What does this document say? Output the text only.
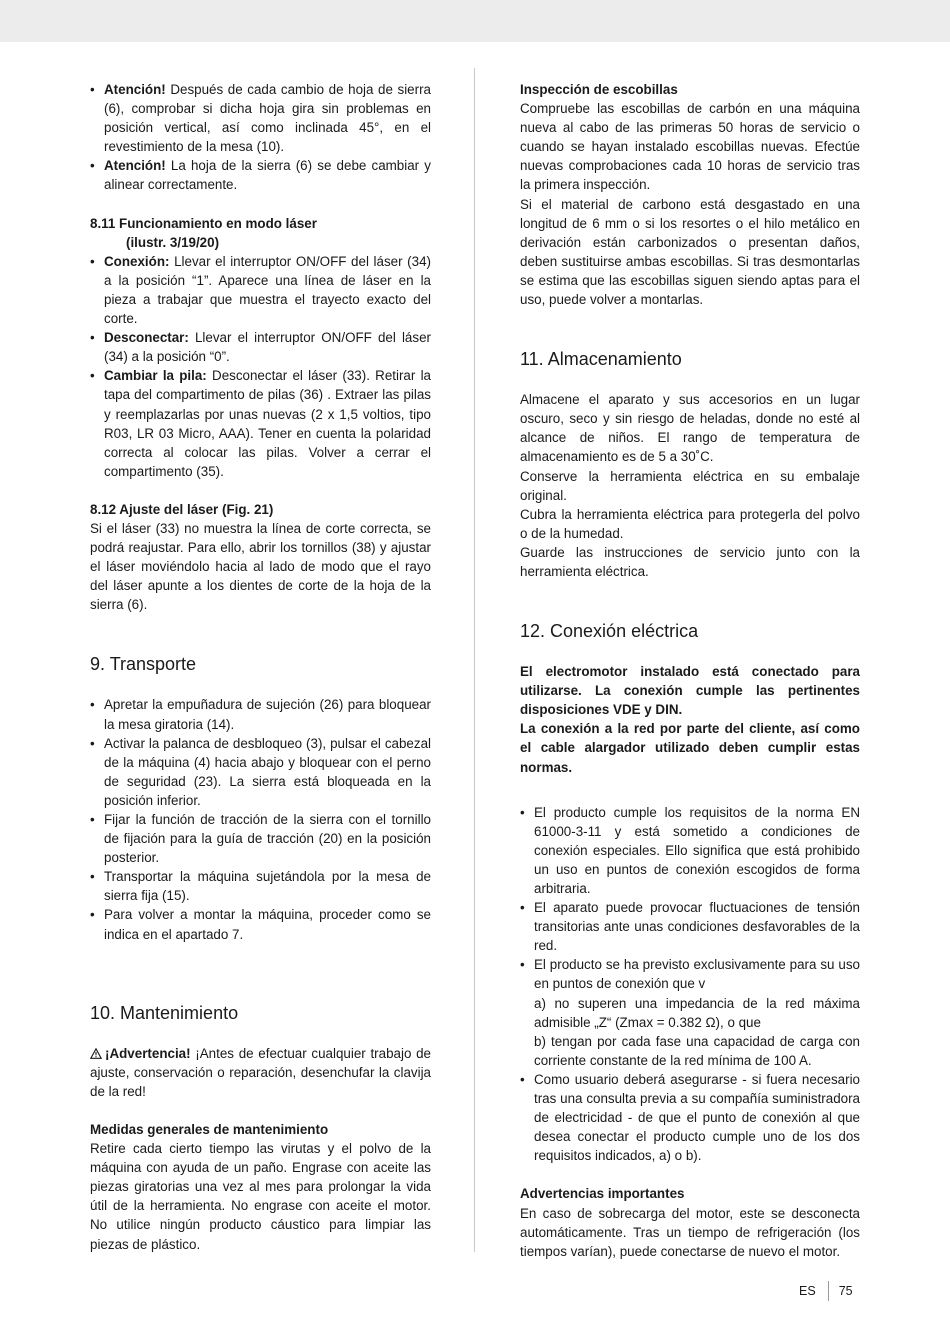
• Atención! Después de cada cambio de hoja de sierra (6), comprobar si dicha hoja gira sin problemas en posición vertical, así como inclinada 45°, en el revestimiento de la mesa (10).
• Atención! La hoja de la sierra (6) se debe cambiar y alinear correctamente.

8.11 Funcionamiento en modo láser

(ilustr. 3/19/20)

• Conexión: Llevar el interruptor ON/OFF del láser (34) a la posición “1”. Aparece una línea de láser en la pieza a trabajar que muestra el trayecto exacto del corte.
• Desconectar: Llevar el interruptor ON/OFF del láser (34) a la posición “0”.
• Cambiar la pila: Desconectar el láser (33). Retirar la tapa del compartimento de pilas (36) . Extraer las pilas y reemplazarlas por unas nuevas (2 x 1,5 voltios, tipo R03, LR 03 Micro, AAA). Tener en cuenta la polaridad correcta al colocar las pilas. Volver a cerrar el compartimento (35).

8.12 Ajuste del láser (Fig. 21)

Si el láser (33) no muestra la línea de corte correcta, se podrá reajustar. Para ello, abrir los tornillos (38) y ajustar el láser moviéndolo hacia al lado de modo que el rayo del láser apunte a los dientes de corte de la hoja de la sierra (6).

9. Transporte
• Apretar la empuñadura de sujeción (26) para bloquear la mesa giratoria (14).
• Activar la palanca de desbloqueo (3), pulsar el cabezal de la máquina (4) hacia abajo y bloquear con el perno de seguridad (23). La sierra está bloqueada en la posición inferior.
• Fijar la función de tracción de la sierra con el tornillo de fijación para la guía de tracción (20) en la posición posterior.
• Transportar la máquina sujetándola por la mesa de sierra fija (15).
• Para volver a montar la máquina, proceder como se indica en el apartado 7.
10. Mantenimiento

¡Advertencia! ¡Antes de efectuar cualquier trabajo de ajuste, conservación o reparación, desenchufar la clavija de la red!

Medidas generales de mantenimiento

Retire cada cierto tiempo las virutas y el polvo de la máquina con ayuda de un paño. Engrase con aceite las piezas giratorias una vez al mes para prolongar la vida útil de la herramienta. No engrase con aceite el motor. No utilice ningún producto cáustico para limpiar las piezas de plástico.

Inspección de escobillas

Compruebe las escobillas de carbón en una máquina nueva al cabo de las primeras 50 horas de servicio o cuando se hayan instalado escobillas nuevas. Efectúe nuevas comprobaciones cada 10 horas de servicio tras la primera inspección.

Si el material de carbono está desgastado en una longitud de 6 mm o si los resortes o el hilo metálico en derivación están carbonizados o presentan daños, deben sustituirse ambas escobillas. Si tras desmontarlas se estima que las escobillas siguen siendo aptas para el uso, puede volver a montarlas.

11. Almacenamiento

Almacene el aparato y sus accesorios en un lugar oscuro, seco y sin riesgo de heladas, donde no esté al alcance de niños. El rango de temperatura de almacenamiento es de 5 a 30˚C.

Conserve la herramienta eléctrica en su embalaje original.

Cubra la herramienta eléctrica para protegerla del polvo o de la humedad.

Guarde las instrucciones de servicio junto con la herramienta eléctrica.

12. Conexión eléctrica

El electromotor instalado está conectado para utilizarse. La conexión cumple las pertinentes disposiciones VDE y DIN.

La conexión a la red por parte del cliente, así como el cable alargador utilizado deben cumplir estas normas.

• El producto cumple los requisitos de la norma EN 61000-3-11 y está sometido a condiciones de conexión especiales. Ello significa que está prohibido un uso en puntos de conexión escogidos de forma arbitraria.
• El aparato puede provocar fluctuaciones de tensión transitorias ante unas condiciones desfavorables de la red.
• El producto se ha previsto exclusivamente para su uso en puntos de conexión que v
a) no superen una impedancia de la red máxima admisible „Z“ (Zmax = 0.382 Ω), o que
b) tengan por cada fase una capacidad de carga con corriente constante de la red mínima de 100 A.
• Como usuario deberá asegurarse - si fuera necesario tras una consulta previa a su compañía suministradora de electricidad - de que el punto de conexión al que desea conectar el producto cumple uno de los dos requisitos indicados, a) o b).

Advertencias importantes

En caso de sobrecarga del motor, este se desconecta automáticamente. Tras un tiempo de refrigeración (los tiempos varían), puede conectarse de nuevo el motor.

ES 75
